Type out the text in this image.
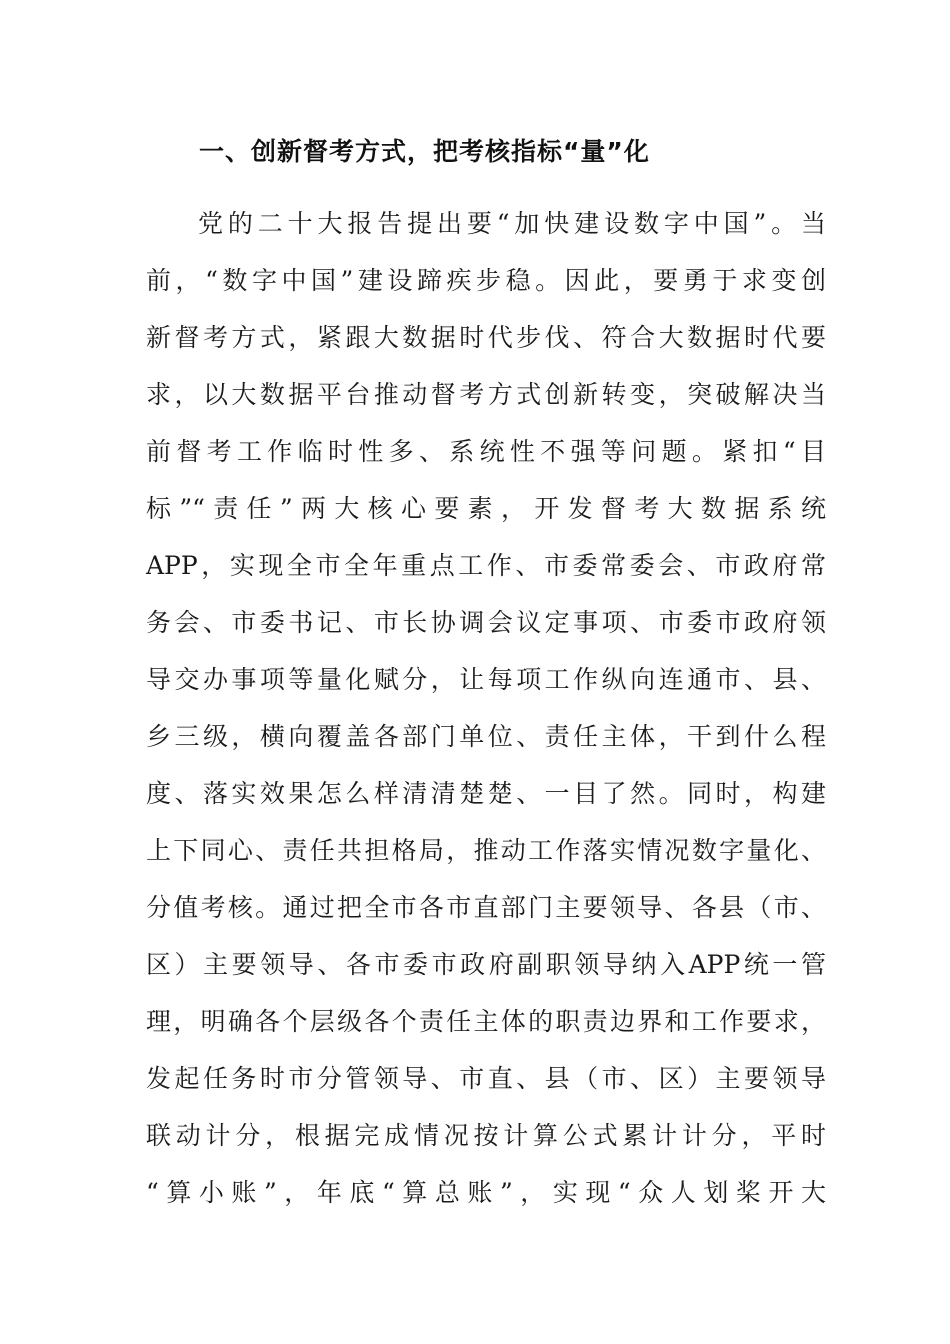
一、创新督考方式，把考核指标“量”化
党的二十大报告提出要“加快建设数字中国”。当
前，“数字中国”建设蹄疾步稳。因此，要勇于求变创
新督考方式，紧跟大数据时代步伐、符合大数据时代要
求，以大数据平台推动督考方式创新转变，突破解决当
前督考工作临时性多、系统性不强等问题。紧扣“目
标”“责任”两大核心要素，开发督考大数据系统
APP，实现全市全年重点工作、市委常委会、市政府常
务会、市委书记、市长协调会议定事项、市委市政府领
导交办事项等量化赋分，让每项工作纵向连通市、县、
乡三级，横向覆盖各部门单位、责任主体，干到什么程
度、落实效果怎么样清清楚楚、一目了然。同时，构建
上下同心、责任共担格局，推动工作落实情况数字量化、
分值考核。通过把全市各市直部门主要领导、各县（市、
区）主要领导、各市委市政府副职领导纳入APP统一管
理，明确各个层级各个责任主体的职责边界和工作要求，
发起任务时市分管领导、市直、县（市、区）主要领导
联动计分，根据完成情况按计算公式累计计分，平时
“算小账”，年底“算总账”，实现“众人划桨开大
